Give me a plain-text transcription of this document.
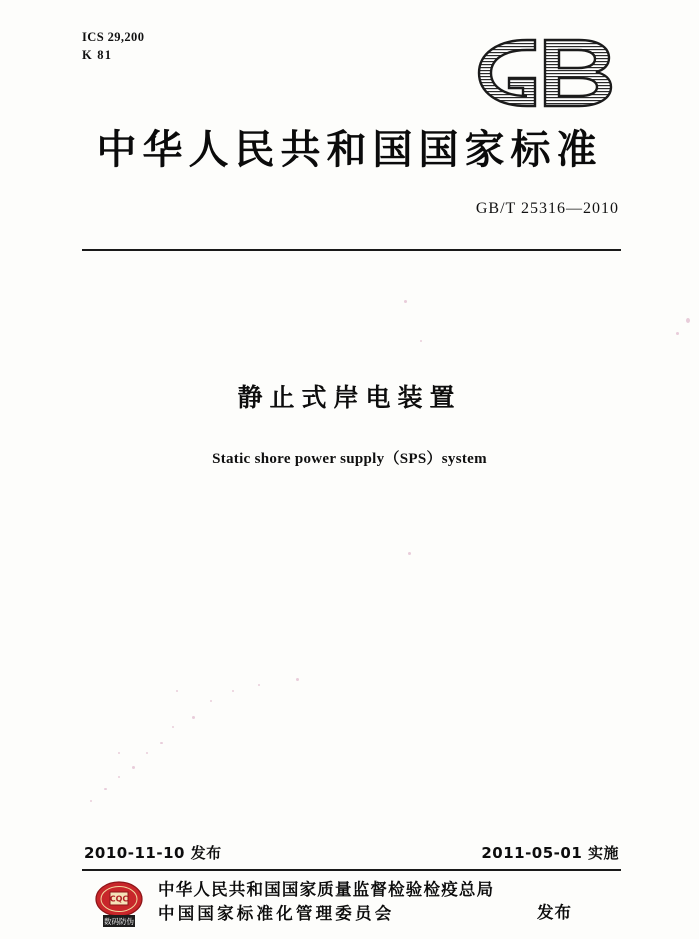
ICS 29,200
K 81
中华人民共和国国家标准
GB/T 25316—2010
静止式岸电装置
Static shore power supply（SPS）system
2010-11-10 发布	2011-05-01 实施
CQC
数码防伪
中华人民共和国国家质量监督检验检疫总局
中国国家标准化管理委员会	发布
